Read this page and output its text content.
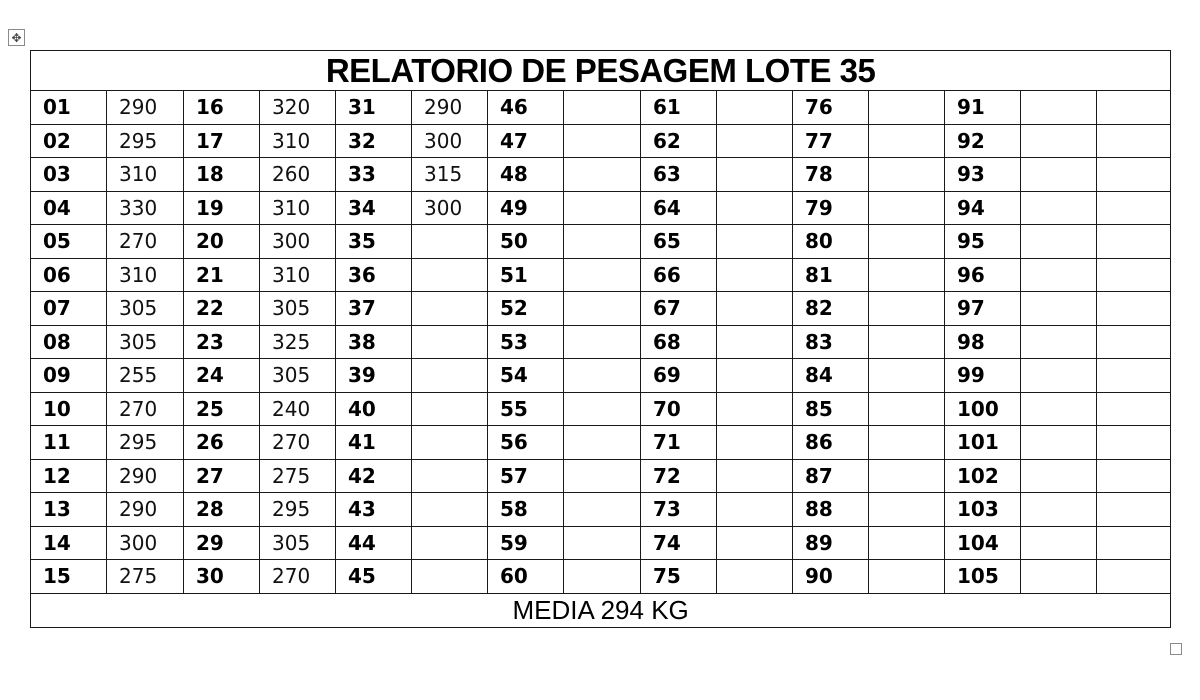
✥
RELATORIO DE PESAGEM LOTE 35														
01	290	16	320	31	290	46		61		76		91		
02	295	17	310	32	300	47		62		77		92		
03	310	18	260	33	315	48		63		78		93		
04	330	19	310	34	300	49		64		79		94		
05	270	20	300	35		50		65		80		95		
06	310	21	310	36		51		66		81		96		
07	305	22	305	37		52		67		82		97		
08	305	23	325	38		53		68		83		98		
09	255	24	305	39		54		69		84		99		
10	270	25	240	40		55		70		85		100		
11	295	26	270	41		56		71		86		101		
12	290	27	275	42		57		72		87		102		
13	290	28	295	43		58		73		88		103		
14	300	29	305	44		59		74		89		104		
15	275	30	270	45		60		75		90		105		
MEDIA 294 KG														
